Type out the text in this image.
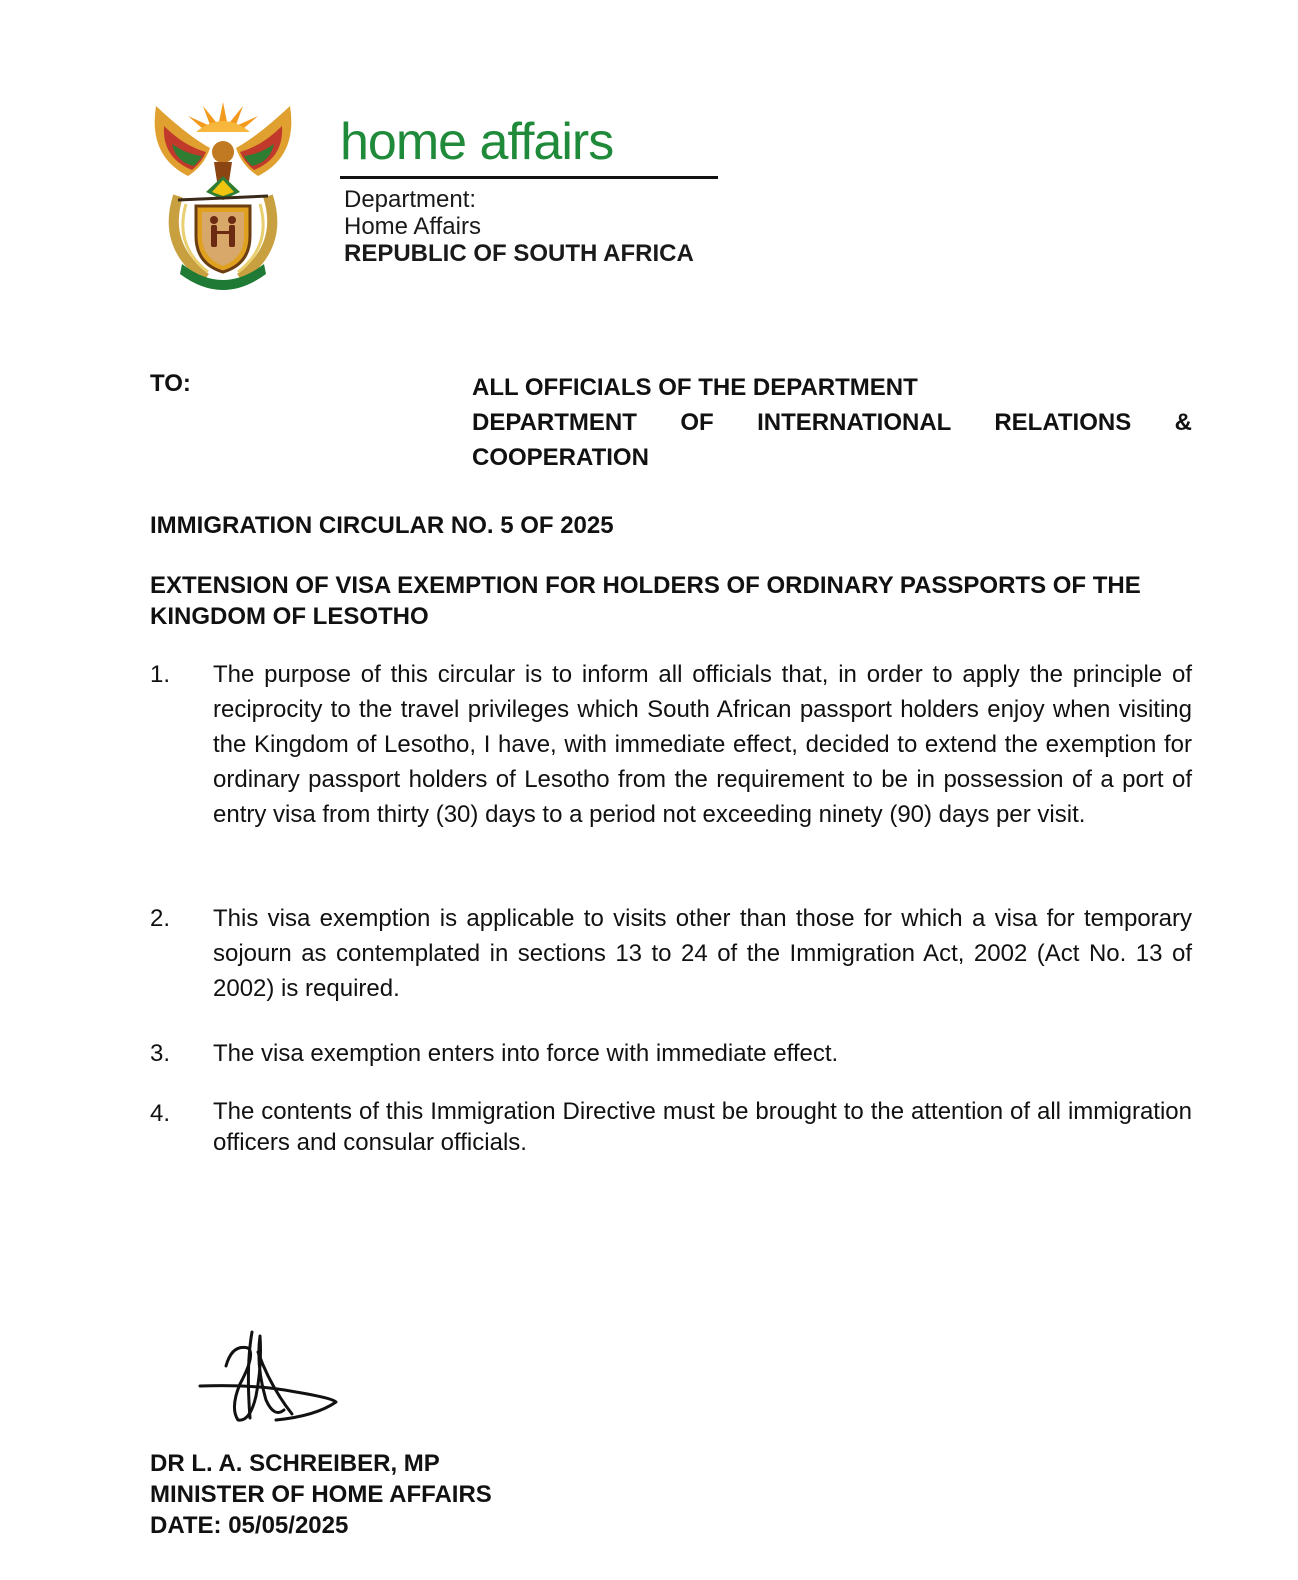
home affairs
Department:
Home Affairs
REPUBLIC OF SOUTH AFRICA
TO:	ALL OFFICIALS OF THE DEPARTMENT
DEPARTMENT OF INTERNATIONAL RELATIONS &
COOPERATION
IMMIGRATION CIRCULAR NO. 5 OF 2025
EXTENSION OF VISA EXEMPTION FOR HOLDERS OF ORDINARY PASSPORTS OF THE KINGDOM OF LESOTHO
1.	The purpose of this circular is to inform all officials that, in order to apply the principle of reciprocity to the travel privileges which South African passport holders enjoy when visiting the Kingdom of Lesotho, I have, with immediate effect, decided to extend the exemption for ordinary passport holders of Lesotho from the requirement to be in possession of a port of entry visa from thirty (30) days to a period not exceeding ninety (90) days per visit.
2.	This visa exemption is applicable to visits other than those for which a visa for temporary sojourn as contemplated in sections 13 to 24 of the Immigration Act, 2002 (Act No. 13 of 2002) is required.
3.	The visa exemption enters into force with immediate effect.
4.	The contents of this Immigration Directive must be brought to the attention of all immigration officers and consular officials.
DR L. A. SCHREIBER, MP
MINISTER OF HOME AFFAIRS
DATE: 05/05/2025
